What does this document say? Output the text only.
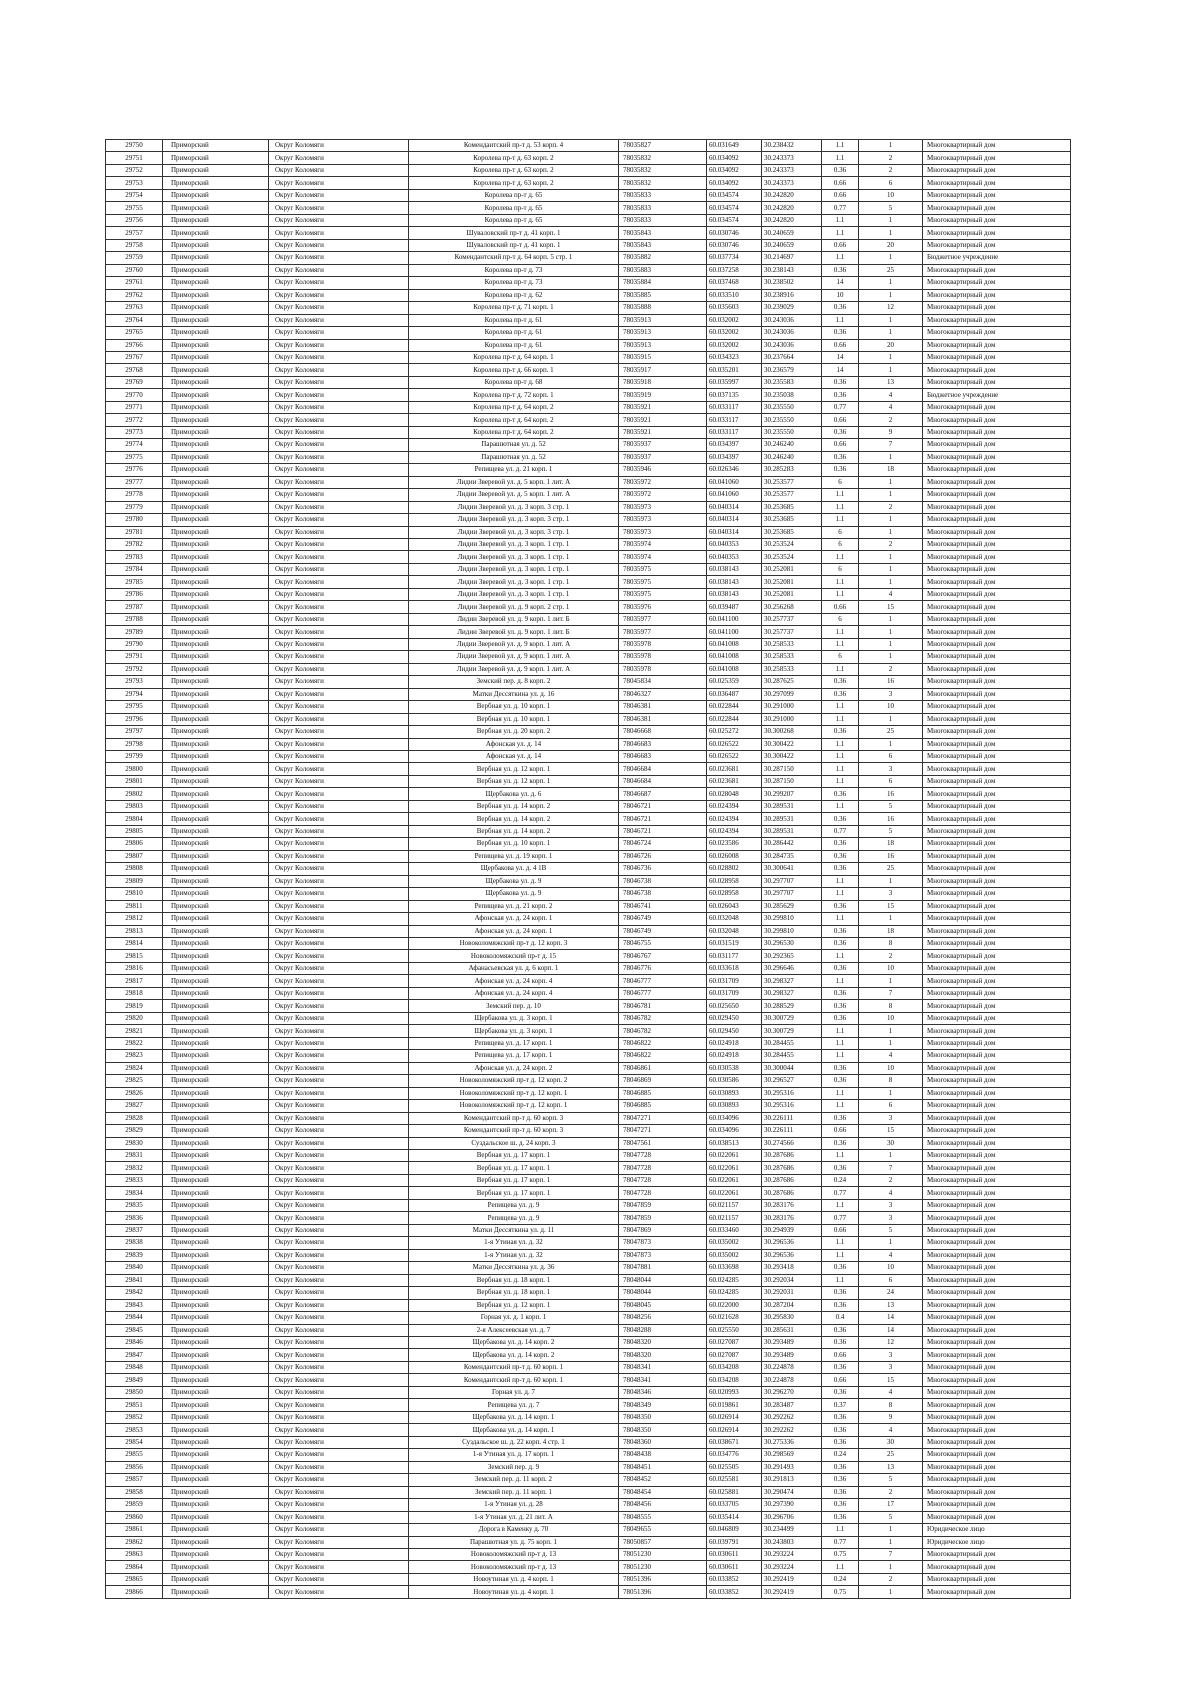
29750	Приморский	Округ Коломяги	Комендантский пр-т д. 53 корп. 4	78035827	60.031649	30.238432	1.1	1	Многоквартирный дом
29751	Приморский	Округ Коломяги	Королева пр-т д. 63 корп. 2	78035832	60.034092	30.243373	1.1	2	Многоквартирный дом
29752	Приморский	Округ Коломяги	Королева пр-т д. 63 корп. 2	78035832	60.034092	30.243373	0.36	2	Многоквартирный дом
29753	Приморский	Округ Коломяги	Королева пр-т д. 63 корп. 2	78035832	60.034092	30.243373	0.66	6	Многоквартирный дом
29754	Приморский	Округ Коломяги	Королева пр-т д. 65	78035833	60.034574	30.242820	0.66	10	Многоквартирный дом
29755	Приморский	Округ Коломяги	Королева пр-т д. 65	78035833	60.034574	30.242820	0.77	5	Многоквартирный дом
29756	Приморский	Округ Коломяги	Королева пр-т д. 65	78035833	60.034574	30.242820	1.1	1	Многоквартирный дом
29757	Приморский	Округ Коломяги	Шуваловский пр-т д. 41 корп. 1	78035843	60.030746	30.240659	1.1	1	Многоквартирный дом
29758	Приморский	Округ Коломяги	Шуваловский пр-т д. 41 корп. 1	78035843	60.030746	30.240659	0.66	20	Многоквартирный дом
29759	Приморский	Округ Коломяги	Комендантский пр-т д. 64 корп. 5 стр. 1	78035882	60.037734	30.214697	1.1	1	Бюджетное учреждение
29760	Приморский	Округ Коломяги	Королева пр-т д. 73	78035883	60.037258	30.238143	0.36	25	Многоквартирный дом
29761	Приморский	Округ Коломяги	Королева пр-т д. 73	78035884	60.037468	30.238502	14	1	Многоквартирный дом
29762	Приморский	Округ Коломяги	Королева пр-т д. 62	78035885	60.033510	30.238916	10	1	Многоквартирный дом
29763	Приморский	Округ Коломяги	Королева пр-т д. 71 корп. 1	78035888	60.035603	30.239029	0.36	12	Многоквартирный дом
29764	Приморский	Округ Коломяги	Королева пр-т д. 61	78035913	60.032002	30.243036	1.1	1	Многоквартирный дом
29765	Приморский	Округ Коломяги	Королева пр-т д. 61	78035913	60.032002	30.243036	0.36	1	Многоквартирный дом
29766	Приморский	Округ Коломяги	Королева пр-т д. 61	78035913	60.032002	30.243036	0.66	20	Многоквартирный дом
29767	Приморский	Округ Коломяги	Королева пр-т д. 64 корп. 1	78035915	60.034323	30.237664	14	1	Многоквартирный дом
29768	Приморский	Округ Коломяги	Королева пр-т д. 66 корп. 1	78035917	60.035201	30.236579	14	1	Многоквартирный дом
29769	Приморский	Округ Коломяги	Королева пр-т д. 68	78035918	60.035997	30.235583	0.36	13	Многоквартирный дом
29770	Приморский	Округ Коломяги	Королева пр-т д. 72 корп. 1	78035919	60.037135	30.235038	0.36	4	Бюджетное учреждение
29771	Приморский	Округ Коломяги	Королева пр-т д. 64 корп. 2	78035921	60.033117	30.235550	0.77	4	Многоквартирный дом
29772	Приморский	Округ Коломяги	Королева пр-т д. 64 корп. 2	78035921	60.033117	30.235550	0.66	2	Многоквартирный дом
29773	Приморский	Округ Коломяги	Королева пр-т д. 64 корп. 2	78035921	60.033117	30.235550	0.36	9	Многоквартирный дом
29774	Приморский	Округ Коломяги	Парашютная ул. д. 52	78035937	60.034397	30.246240	0.66	7	Многоквартирный дом
29775	Приморский	Округ Коломяги	Парашютная ул. д. 52	78035937	60.034397	30.246240	0.36	1	Многоквартирный дом
29776	Приморский	Округ Коломяги	Репищева ул. д. 21 корп. 1	78035946	60.026346	30.285283	0.36	18	Многоквартирный дом
29777	Приморский	Округ Коломяги	Лидии Зверевой ул. д. 5 корп. 1 лит. А	78035972	60.041060	30.253577	6	1	Многоквартирный дом
29778	Приморский	Округ Коломяги	Лидии Зверевой ул. д. 5 корп. 1 лит. А	78035972	60.041060	30.253577	1.1	1	Многоквартирный дом
29779	Приморский	Округ Коломяги	Лидии Зверевой ул. д. 3 корп. 3 стр. 1	78035973	60.040314	30.253685	1.1	2	Многоквартирный дом
29780	Приморский	Округ Коломяги	Лидии Зверевой ул. д. 3 корп. 3 стр. 1	78035973	60.040314	30.253685	1.1	1	Многоквартирный дом
29781	Приморский	Округ Коломяги	Лидии Зверевой ул. д. 3 корп. 3 стр. 1	78035973	60.040314	30.253685	6	1	Многоквартирный дом
29782	Приморский	Округ Коломяги	Лидии Зверевой ул. д. 3 корп. 1 стр. 1	78035974	60.040353	30.253524	6	2	Многоквартирный дом
29783	Приморский	Округ Коломяги	Лидии Зверевой ул. д. 3 корп. 1 стр. 1	78035974	60.040353	30.253524	1.1	1	Многоквартирный дом
29784	Приморский	Округ Коломяги	Лидии Зверевой ул. д. 3 корп. 1 стр. 1	78035975	60.038143	30.252081	6	1	Многоквартирный дом
29785	Приморский	Округ Коломяги	Лидии Зверевой ул. д. 3 корп. 1 стр. 1	78035975	60.038143	30.252081	1.1	1	Многоквартирный дом
29786	Приморский	Округ Коломяги	Лидии Зверевой ул. д. 3 корп. 1 стр. 1	78035975	60.038143	30.252081	1.1	4	Многоквартирный дом
29787	Приморский	Округ Коломяги	Лидии Зверевой ул. д. 9 корп. 2 стр. 1	78035976	60.039487	30.256268	0.66	15	Многоквартирный дом
29788	Приморский	Округ Коломяги	Лидии Зверевой ул. д. 9 корп. 1 лит. Б	78035977	60.041100	30.257737	6	1	Многоквартирный дом
29789	Приморский	Округ Коломяги	Лидии Зверевой ул. д. 9 корп. 1 лит. Б	78035977	60.041100	30.257737	1.1	1	Многоквартирный дом
29790	Приморский	Округ Коломяги	Лидии Зверевой ул. д. 9 корп. 1 лит. А	78035978	60.041008	30.258533	1.1	1	Многоквартирный дом
29791	Приморский	Округ Коломяги	Лидии Зверевой ул. д. 9 корп. 1 лит. А	78035978	60.041008	30.258533	6	1	Многоквартирный дом
29792	Приморский	Округ Коломяги	Лидии Зверевой ул. д. 9 корп. 1 лит. А	78035978	60.041008	30.258533	1.1	2	Многоквартирный дом
29793	Приморский	Округ Коломяги	Земский пер. д. 8 корп. 2	78045834	60.025359	30.287625	0.36	16	Многоквартирный дом
29794	Приморский	Округ Коломяги	Матки Дессяткина ул. д. 16	78046327	60.036487	30.297099	0.36	3	Многоквартирный дом
29795	Приморский	Округ Коломяги	Вербная ул. д. 10 корп. 1	78046381	60.022844	30.291000	1.1	10	Многоквартирный дом
29796	Приморский	Округ Коломяги	Вербная ул. д. 10 корп. 1	78046381	60.022844	30.291000	1.1	1	Многоквартирный дом
29797	Приморский	Округ Коломяги	Вербная ул. д. 20 корп. 2	78046668	60.025272	30.300268	0.36	25	Многоквартирный дом
29798	Приморский	Округ Коломяги	Афонская ул. д. 14	78046683	60.026522	30.300422	1.1	1	Многоквартирный дом
29799	Приморский	Округ Коломяги	Афонская ул. д. 14	78046683	60.026522	30.300422	1.1	6	Многоквартирный дом
29800	Приморский	Округ Коломяги	Вербная ул. д. 12 корп. 1	78046684	60.023681	30.287150	1.1	3	Многоквартирный дом
29801	Приморский	Округ Коломяги	Вербная ул. д. 12 корп. 1	78046684	60.023681	30.287150	1.1	6	Многоквартирный дом
29802	Приморский	Округ Коломяги	Щербакова ул. д. 6	78046687	60.028048	30.299207	0.36	16	Многоквартирный дом
29803	Приморский	Округ Коломяги	Вербная ул. д. 14 корп. 2	78046721	60.024394	30.289531	1.1	5	Многоквартирный дом
29804	Приморский	Округ Коломяги	Вербная ул. д. 14 корп. 2	78046721	60.024394	30.289531	0.36	16	Многоквартирный дом
29805	Приморский	Округ Коломяги	Вербная ул. д. 14 корп. 2	78046721	60.024394	30.289531	0.77	5	Многоквартирный дом
29806	Приморский	Округ Коломяги	Вербная ул. д. 10 корп. 1	78046724	60.023586	30.286442	0.36	18	Многоквартирный дом
29807	Приморский	Округ Коломяги	Репищева ул. д. 19 корп. 1	78046726	60.026008	30.284735	0.36	16	Многоквартирный дом
29808	Приморский	Округ Коломяги	Щербакова ул. д. 4 1В	78046736	60.028802	30.300641	0.36	25	Многоквартирный дом
29809	Приморский	Округ Коломяги	Щербакова ул. д. 9	78046738	60.028958	30.297707	1.1	1	Многоквартирный дом
29810	Приморский	Округ Коломяги	Щербакова ул. д. 9	78046738	60.028958	30.297707	1.1	3	Многоквартирный дом
29811	Приморский	Округ Коломяги	Репищева ул. д. 21 корп. 2	78046741	60.026043	30.285629	0.36	15	Многоквартирный дом
29812	Приморский	Округ Коломяги	Афонская ул. д. 24 корп. 1	78046749	60.032048	30.299810	1.1	1	Многоквартирный дом
29813	Приморский	Округ Коломяги	Афонская ул. д. 24 корп. 1	78046749	60.032048	30.299810	0.36	18	Многоквартирный дом
29814	Приморский	Округ Коломяги	Новоколомяжский пр-т д. 12 корп. 3	78046755	60.031519	30.296530	0.36	8	Многоквартирный дом
29815	Приморский	Округ Коломяги	Новоколомяжский пр-т д. 15	78046767	60.031177	30.292365	1.1	2	Многоквартирный дом
29816	Приморский	Округ Коломяги	Афанасьевская ул. д. 6 корп. 1	78046776	60.033618	30.296646	0.36	10	Многоквартирный дом
29817	Приморский	Округ Коломяги	Афонская ул. д. 24 корп. 4	78046777	60.031709	30.298327	1.1	1	Многоквартирный дом
29818	Приморский	Округ Коломяги	Афонская ул. д. 24 корп. 4	78046777	60.031709	30.298327	0.36	7	Многоквартирный дом
29819	Приморский	Округ Коломяги	Земский пер. д. 10	78046781	60.025650	30.288529	0.36	8	Многоквартирный дом
29820	Приморский	Округ Коломяги	Щербакова ул. д. 3 корп. 1	78046782	60.029450	30.300729	0.36	10	Многоквартирный дом
29821	Приморский	Округ Коломяги	Щербакова ул. д. 3 корп. 1	78046782	60.029450	30.300729	1.1	1	Многоквартирный дом
29822	Приморский	Округ Коломяги	Репищева ул. д. 17 корп. 1	78046822	60.024918	30.284455	1.1	1	Многоквартирный дом
29823	Приморский	Округ Коломяги	Репищева ул. д. 17 корп. 1	78046822	60.024918	30.284455	1.1	4	Многоквартирный дом
29824	Приморский	Округ Коломяги	Афонская ул. д. 24 корп. 2	78046861	60.030538	30.300044	0.36	10	Многоквартирный дом
29825	Приморский	Округ Коломяги	Новоколомяжский пр-т д. 12 корп. 2	78046869	60.030586	30.296527	0.36	8	Многоквартирный дом
29826	Приморский	Округ Коломяги	Новоколомяжский пр-т д. 12 корп. 1	78046885	60.030893	30.295316	1.1	1	Многоквартирный дом
29827	Приморский	Округ Коломяги	Новоколомяжский пр-т д. 12 корп. 1	78046885	60.030893	30.295316	1.1	6	Многоквартирный дом
29828	Приморский	Округ Коломяги	Комендантский пр-т д. 60 корп. 3	78047271	60.034096	30.226111	0.36	3	Многоквартирный дом
29829	Приморский	Округ Коломяги	Комендантский пр-т д. 60 корп. 3	78047271	60.034096	30.226111	0.66	15	Многоквартирный дом
29830	Приморский	Округ Коломяги	Суздальское ш. д. 24 корп. 3	78047561	60.038513	30.274566	0.36	30	Многоквартирный дом
29831	Приморский	Округ Коломяги	Вербная ул. д. 17 корп. 1	78047728	60.022061	30.287686	1.1	1	Многоквартирный дом
29832	Приморский	Округ Коломяги	Вербная ул. д. 17 корп. 1	78047728	60.022061	30.287686	0.36	7	Многоквартирный дом
29833	Приморский	Округ Коломяги	Вербная ул. д. 17 корп. 1	78047728	60.022061	30.287686	0.24	2	Многоквартирный дом
29834	Приморский	Округ Коломяги	Вербная ул. д. 17 корп. 1	78047728	60.022061	30.287686	0.77	4	Многоквартирный дом
29835	Приморский	Округ Коломяги	Репищева ул. д. 9	78047859	60.021157	30.283176	1.1	3	Многоквартирный дом
29836	Приморский	Округ Коломяги	Репищева ул. д. 9	78047859	60.021157	30.283176	0.77	3	Многоквартирный дом
29837	Приморский	Округ Коломяги	Матки Дессяткина ул. д. 11	78047869	60.033460	30.294939	0.66	5	Многоквартирный дом
29838	Приморский	Округ Коломяги	1-я Утиная ул. д. 32	78047873	60.035002	30.296536	1.1	1	Многоквартирный дом
29839	Приморский	Округ Коломяги	1-я Утиная ул. д. 32	78047873	60.035002	30.296536	1.1	4	Многоквартирный дом
29840	Приморский	Округ Коломяги	Матки Дессяткина ул. д. 36	78047881	60.033698	30.293418	0.36	10	Многоквартирный дом
29841	Приморский	Округ Коломяги	Вербная ул. д. 18 корп. 1	78048044	60.024285	30.292034	1.1	6	Многоквартирный дом
29842	Приморский	Округ Коломяги	Вербная ул. д. 18 корп. 1	78048044	60.024285	30.292031	0.36	24	Многоквартирный дом
29843	Приморский	Округ Коломяги	Вербная ул. д. 12 корп. 1	78048045	60.022000	30.287204	0.36	13	Многоквартирный дом
29844	Приморский	Округ Коломяги	Горная ул. д. 1 корп. 1	78048256	60.021628	30.295830	0.4	14	Многоквартирный дом
29845	Приморский	Округ Коломяги	2-я Алексеевская ул. д. 7	78048288	60.025550	30.285631	0.36	14	Многоквартирный дом
29846	Приморский	Округ Коломяги	Щербакова ул. д. 14 корп. 2	78048320	60.027087	30.293489	0.36	12	Многоквартирный дом
29847	Приморский	Округ Коломяги	Щербакова ул. д. 14 корп. 2	78048320	60.027087	30.293489	0.66	3	Многоквартирный дом
29848	Приморский	Округ Коломяги	Комендантский пр-т д. 60 корп. 1	78048341	60.034208	30.224878	0.36	3	Многоквартирный дом
29849	Приморский	Округ Коломяги	Комендантский пр-т д. 60 корп. 1	78048341	60.034208	30.224878	0.66	15	Многоквартирный дом
29850	Приморский	Округ Коломяги	Горная ул. д. 7	78048346	60.020993	30.296270	0.36	4	Многоквартирный дом
29851	Приморский	Округ Коломяги	Репищева ул. д. 7	78048349	60.019861	30.283487	0.37	8	Многоквартирный дом
29852	Приморский	Округ Коломяги	Щербакова ул. д. 14 корп. 1	78048350	60.026914	30.292262	0.36	9	Многоквартирный дом
29853	Приморский	Округ Коломяги	Щербакова ул. д. 14 корп. 1	78048350	60.026914	30.292262	0.36	4	Многоквартирный дом
29854	Приморский	Округ Коломяги	Суздальское ш. д. 22 корп. 4 стр. 1	78048360	60.038671	30.275336	0.36	30	Многоквартирный дом
29855	Приморский	Округ Коломяги	1-я Утиная ул. д. 17 корп. 1	78048438	60.034776	30.298569	0.24	25	Многоквартирный дом
29856	Приморский	Округ Коломяги	Земский пер. д. 9	78048451	60.025505	30.291493	0.36	13	Многоквартирный дом
29857	Приморский	Округ Коломяги	Земский пер. д. 11 корп. 2	78048452	60.025581	30.291813	0.36	5	Многоквартирный дом
29858	Приморский	Округ Коломяги	Земский пер. д. 11 корп. 1	78048454	60.025881	30.290474	0.36	2	Многоквартирный дом
29859	Приморский	Округ Коломяги	1-я Утиная ул. д. 28	78048456	60.033705	30.297390	0.36	17	Многоквартирный дом
29860	Приморский	Округ Коломяги	1-я Утиная ул. д. 21 лит. А	78048555	60.035414	30.296706	0.36	5	Многоквартирный дом
29861	Приморский	Округ Коломяги	Дорога в Каменку д. 70	78049655	60.046809	30.234499	1.1	1	Юридическое лицо
29862	Приморский	Округ Коломяги	Парашютная ул. д. 75 корп. 1	78050857	60.039791	30.243803	0.77	1	Юридическое лицо
29863	Приморский	Округ Коломяги	Новоколомяжский пр-т д. 13	78051230	60.030611	30.293224	0.75	7	Многоквартирный дом
29864	Приморский	Округ Коломяги	Новоколомяжский пр-т д. 13	78051230	60.030611	30.293224	1.1	1	Многоквартирный дом
29865	Приморский	Округ Коломяги	Новоутиная ул. д. 4 корп. 1	78051396	60.033852	30.292419	0.24	2	Многоквартирный дом
29866	Приморский	Округ Коломяги	Новоутиная ул. д. 4 корп. 1	78051396	60.033852	30.292419	0.75	1	Многоквартирный дом
